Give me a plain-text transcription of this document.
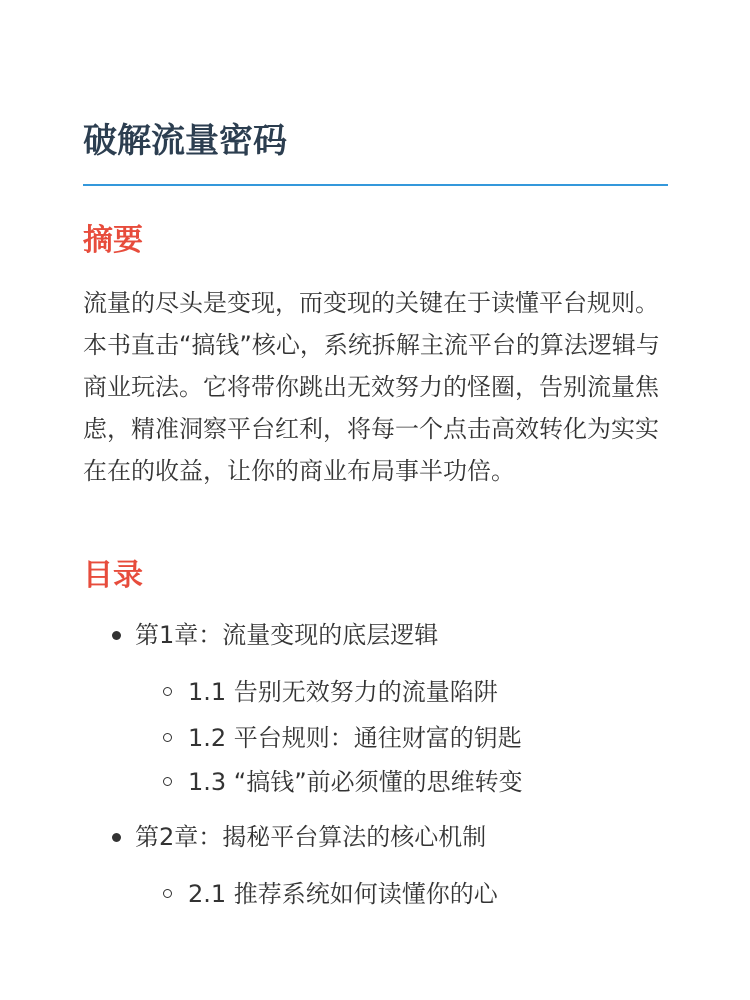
破解流量密码
摘要

流量的尽头是变现，而变现的关键在于读懂平台规则。本书直击“搞钱”核心，系统拆解主流平台的算法逻辑与商业玩法。它将带你跳出无效努力的怪圈，告别流量焦虑，精准洞察平台红利，将每一个点击高效转化为实实在在的收益，让你的商业布局事半功倍。

目录
第1章：流量变现的底层逻辑
1.1 告别无效努力的流量陷阱
1.2 平台规则：通往财富的钥匙
1.3 “搞钱”前必须懂的思维转变
第2章：揭秘平台算法的核心机制
2.1 推荐系统如何读懂你的心
